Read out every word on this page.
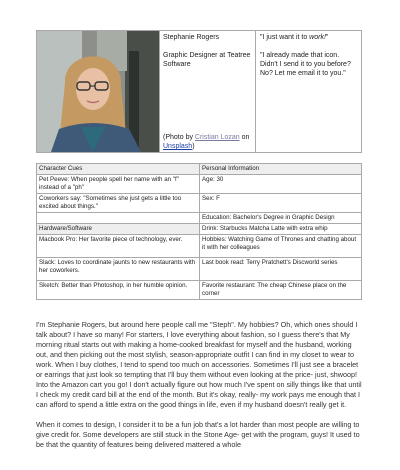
Stephanie Rogers
Graphic Designer at Teatree Software
(Photo by Cristian Lozan on Unsplash)
"I just want it to work!"
"I already made that icon. Didn't I send it to you before? No? Let me email it to you."
Character Cues	Personal Information
Pet Peeve: When people spell her name with an "f" instead of a "ph"	Age: 30
Coworkers say: "Sometimes she just gets a little too excited about things."	Sex: F
	Education: Bachelor's Degree in Graphic Design
Hardware/Software	Drink: Starbucks Matcha Latte with extra whip
Macbook Pro: Her favorite piece of technology, ever.	Hobbies: Watching Game of Thrones and chatting about it with her colleagues
Slack: Loves to coordinate jaunts to new restaurants with her coworkers.	Last book read: Terry Pratchett's Discworld series
Sketch: Better than Photoshop, in her humble opinion.	Favorite restaurant: The cheap Chinese place on the corner

I'm Stephanie Rogers, but around here people call me "Steph". My hobbies? Oh, which ones should I talk about? I have so many! For starters, I love everything about fashion, so I guess there's that My morning ritual starts out with making a home-cooked breakfast for myself and the husband, working out, and then picking out the most stylish, season-appropriate outfit I can find in my closet to wear to work. When I buy clothes, I tend to spend too much on accessories. Sometimes I'll just see a bracelet or earrings that just look so tempting that I'll buy them without even looking at the price- just, shwoop! Into the Amazon cart you go! I don't actually figure out how much I've spent on silly things like that until I check my credit card bill at the end of the month. But it's okay, really- my work pays me enough that I can afford to spend a little extra on the good things in life, even if my husband doesn't really get it.

When it comes to design, I consider it to be a fun job that's a lot harder than most people are willing to give credit for. Some developers are still stuck in the Stone Age- get with the program, guys! It used to be that the quantity of features being delivered mattered a whole
